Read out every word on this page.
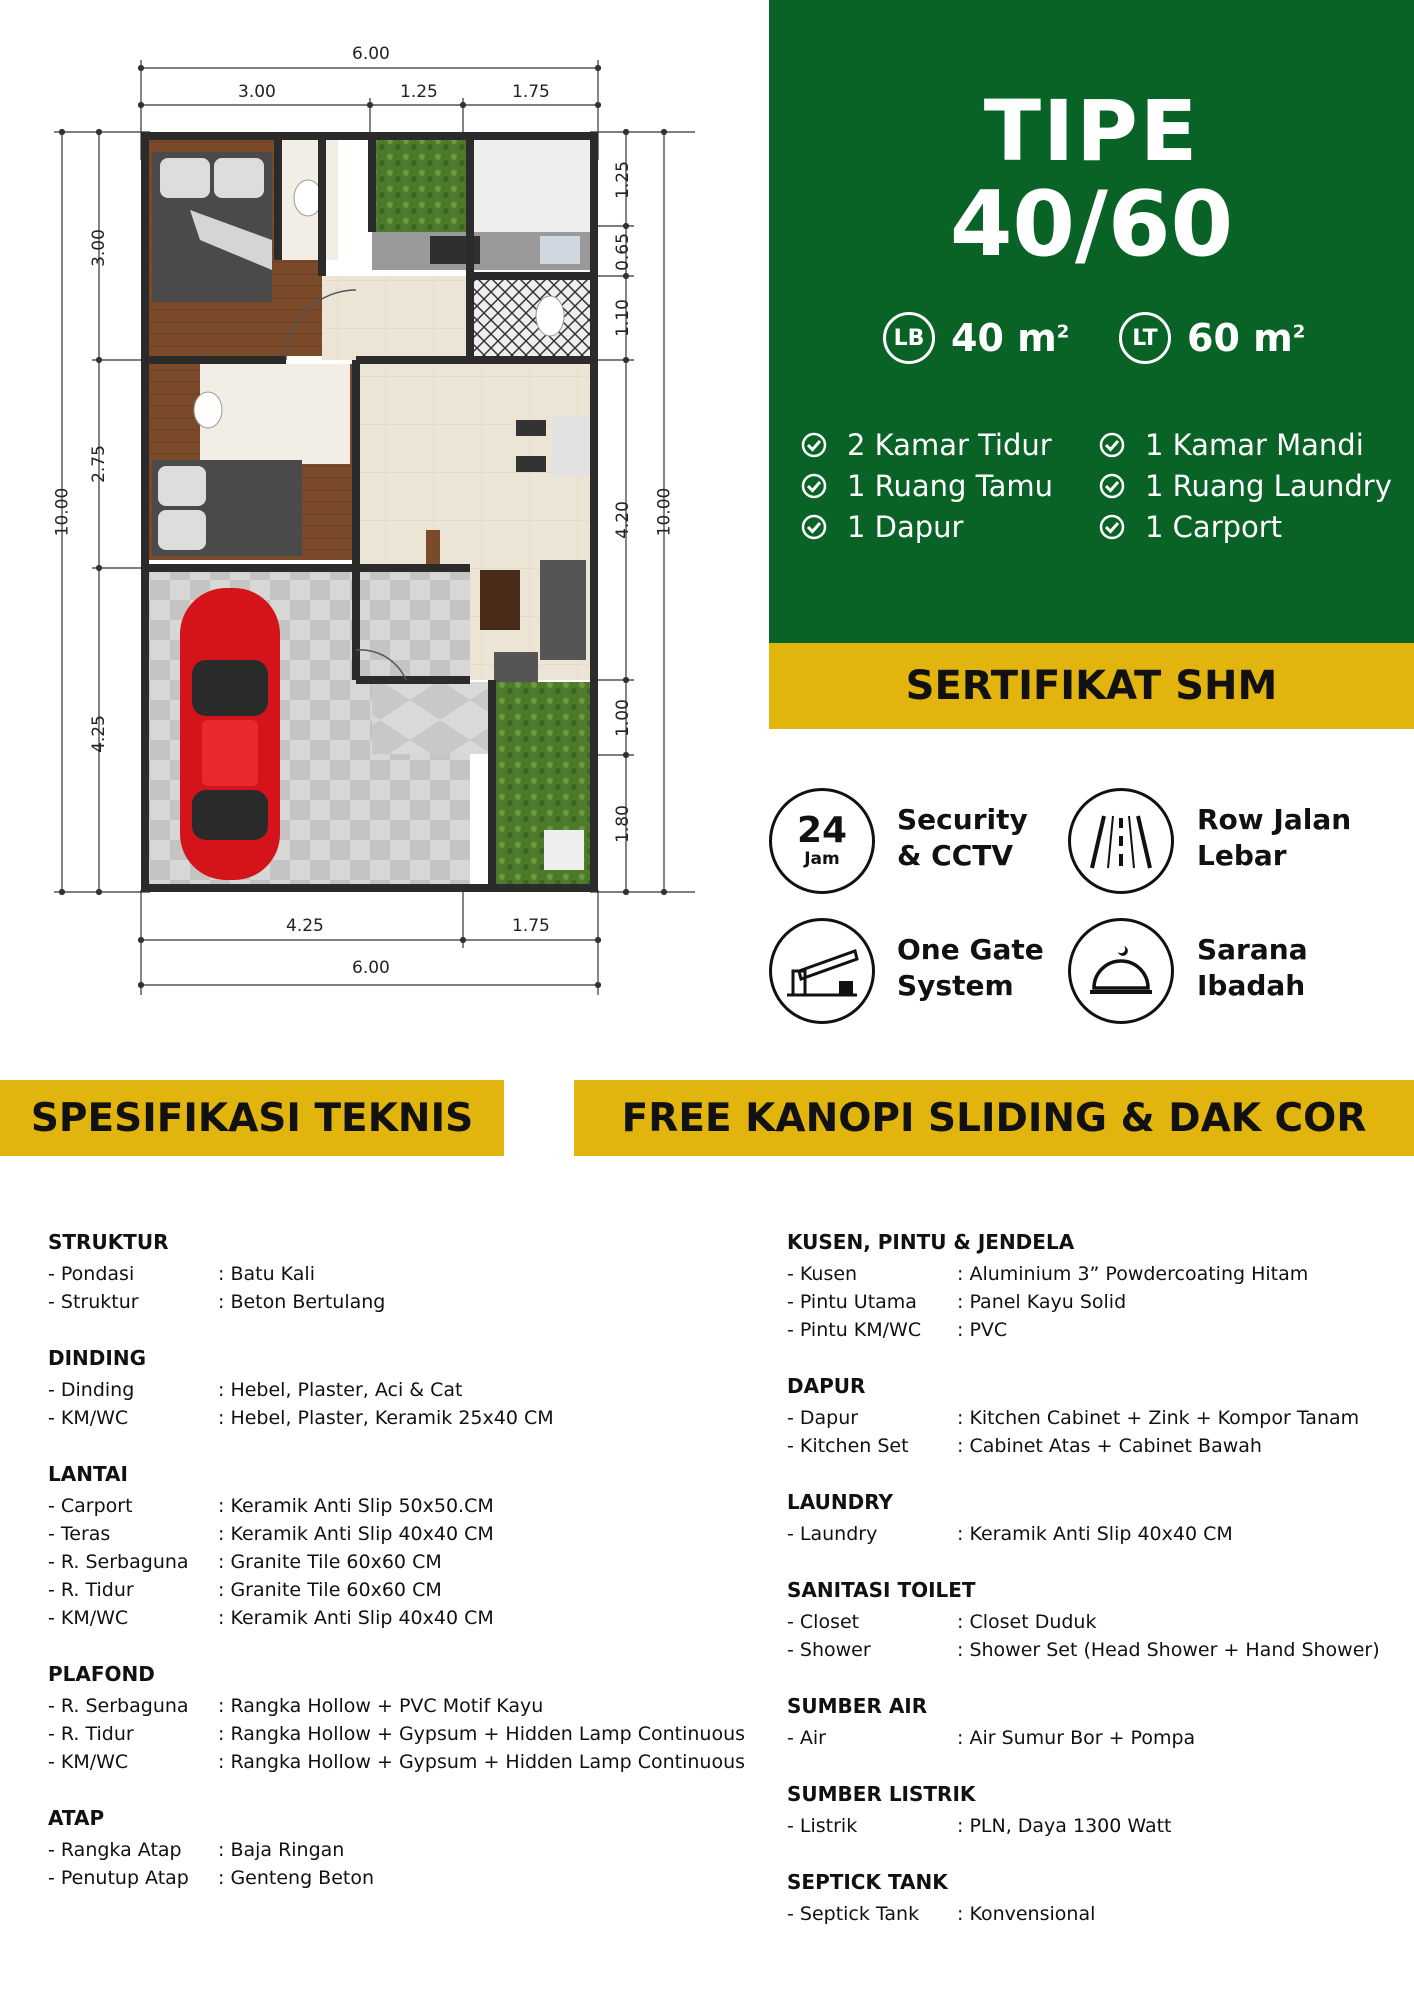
6.00
3.00	1.25	1.75
4.25	1.75
6.00
10.00
3.00
2.75
4.25
10.00
1.25
0.65
1.10
4.20
1.00
1.80
TIPE
40/60
LB 40 $m^2$	LT 60 $m^2$
2 Kamar Tidur
1 Ruang Tamu
1 Dapur
1 Kamar Mandi
1 Ruang Laundry
1 Carport
SERTIFIKAT SHM
24
Jam
Security
& CCTV
Row Jalan
Lebar
One Gate
System
Sarana
Ibadah
SPESIFIKASI TEKNIS	FREE KANOPI SLIDING & DAK COR
STRUKTUR
- Pondasi	: Batu Kali
- Struktur	: Beton Bertulang
DINDING
- Dinding	: Hebel, Plaster, Aci & Cat
- KM/WC	: Hebel, Plaster, Keramik 25x40 CM
LANTAI
- Carport	: Keramik Anti Slip 50x50.CM
- Teras	: Keramik Anti Slip 40x40 CM
- R. Serbaguna	: Granite Tile 60x60 CM
- R. Tidur	: Granite Tile 60x60 CM
- KM/WC	: Keramik Anti Slip 40x40 CM
PLAFOND
- R. Serbaguna	: Rangka Hollow + PVC Motif Kayu
- R. Tidur	: Rangka Hollow + Gypsum + Hidden Lamp Continuous
- KM/WC	: Rangka Hollow + Gypsum + Hidden Lamp Continuous
ATAP
- Rangka Atap	: Baja Ringan
- Penutup Atap	: Genteng Beton
KUSEN, PINTU & JENDELA
- Kusen	: Aluminium 3” Powdercoating Hitam
- Pintu Utama	: Panel Kayu Solid
- Pintu KM/WC	: PVC
DAPUR
- Dapur	: Kitchen Cabinet + Zink + Kompor Tanam
- Kitchen Set	: Cabinet Atas + Cabinet Bawah
LAUNDRY
- Laundry	: Keramik Anti Slip 40x40 CM
SANITASI TOILET
- Closet	: Closet Duduk
- Shower	: Shower Set (Head Shower + Hand Shower)
SUMBER AIR
- Air	: Air Sumur Bor + Pompa
SUMBER LISTRIK
- Listrik	: PLN, Daya 1300 Watt
SEPTICK TANK
- Septick Tank	: Konvensional
